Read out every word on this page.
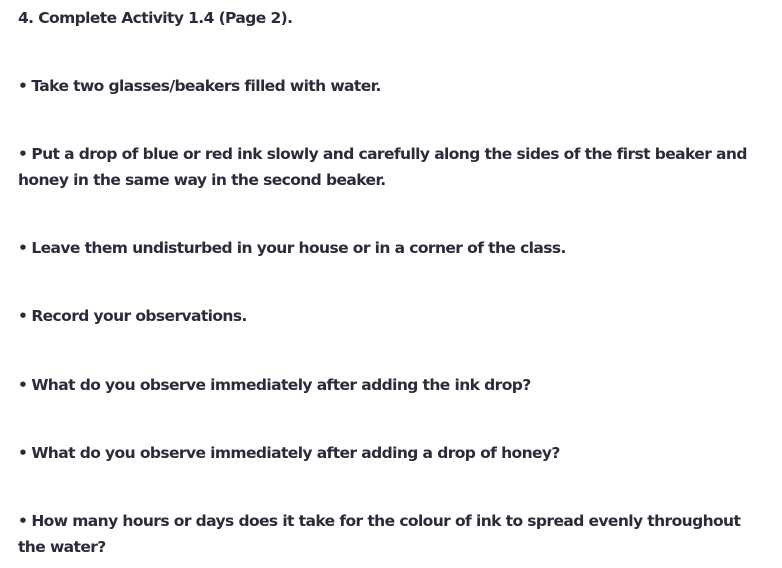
4. Complete Activity 1.4 (Page 2).

• Take two glasses/beakers filled with water.

• Put a drop of blue or red ink slowly and carefully along the sides of the first beaker and honey in the same way in the second beaker.

• Leave them undisturbed in your house or in a corner of the class.

• Record your observations.

• What do you observe immediately after adding the ink drop?

• What do you observe immediately after adding a drop of honey?

• How many hours or days does it take for the colour of ink to spread evenly throughout the water?
